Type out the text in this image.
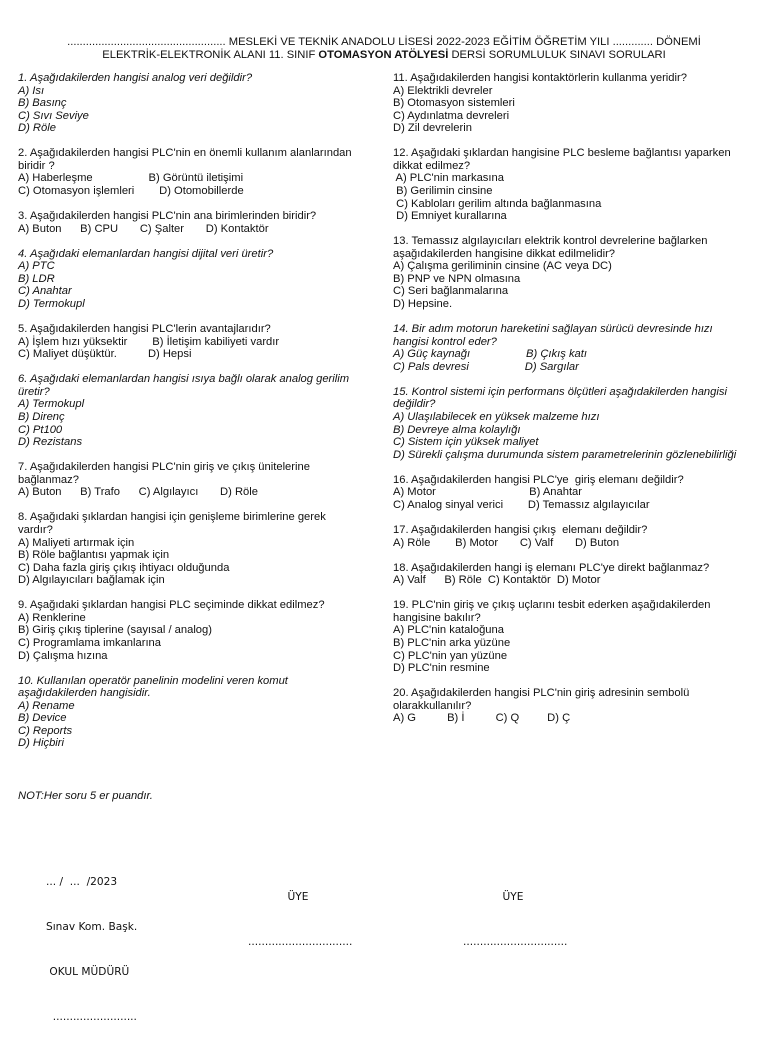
................................................... MESLEKİ VE TEKNİK ANADOLU LİSESİ 2022-2023 EĞİTİM ÖĞRETİM YILI ............. DÖNEMİ
ELEKTRİK-ELEKTRONİK ALANI 11. SINIF OTOMASYON ATÖLYESİ DERSİ SORUMLULUK SINAVI SORULARI
1. Aşağıdakilerden hangisi analog veri değildir?
A) Isı
B) Basınç
C) Sıvı Seviye
D) Röle
2. Aşağıdakilerden hangisi PLC'nin en önemli kullanım alanlarından
biridir ?
A) Haberleşme                  B) Görüntü iletişimi
C) Otomasyon işlemleri        D) Otomobillerde
3. Aşağıdakilerden hangisi PLC'nin ana birimlerinden biridir?
A) Buton      B) CPU       C) Şalter       D) Kontaktör
4. Aşağıdaki elemanlardan hangisi dijital veri üretir?
A) PTC
B) LDR
C) Anahtar
D) Termokupl
5. Aşağıdakilerden hangisi PLC'lerin avantajlarıdır?
A) İşlem hızı yüksektir        B) İletişim kabiliyeti vardır
C) Maliyet düşüktür.          D) Hepsi
6. Aşağıdaki elemanlardan hangisi ısıya bağlı olarak analog gerilim
üretir?
A) Termokupl
B) Direnç
C) Pt100
D) Rezistans
7. Aşağıdakilerden hangisi PLC'nin giriş ve çıkış ünitelerine
bağlanmaz?
A) Buton      B) Trafo      C) Algılayıcı       D) Röle
8. Aşağıdaki şıklardan hangisi için genişleme birimlerine gerek
vardır?
A) Maliyeti artırmak için
B) Röle bağlantısı yapmak için
C) Daha fazla giriş çıkış ihtiyacı olduğunda
D) Algılayıcıları bağlamak için
9. Aşağıdaki şıklardan hangisi PLC seçiminde dikkat edilmez?
A) Renklerine
B) Giriş çıkış tiplerine (sayısal / analog)
C) Programlama imkanlarına
D) Çalışma hızına
10. Kullanılan operatör panelinin modelini veren komut
aşağıdakilerden hangisidir.
A) Rename
B) Device
C) Reports
D) Hiçbiri
11. Aşağıdakilerden hangisi kontaktörlerin kullanma yeridir?
A) Elektrikli devreler
B) Otomasyon sistemleri
C) Aydınlatma devreleri
D) Zil devrelerin
12. Aşağıdaki şıklardan hangisine PLC besleme bağlantısı yaparken
dikkat edilmez?
A) PLC'nin markasına
B) Gerilimin cinsine
C) Kabloları gerilim altında bağlanmasına
D) Emniyet kurallarına
13. Temassız algılayıcıları elektrik kontrol devrelerine bağlarken
aşağıdakilerden hangisine dikkat edilmelidir?
A) Çalışma geriliminin cinsine (AC veya DC)
B) PNP ve NPN olmasına
C) Seri bağlanmalarına
D) Hepsine.
14. Bir adım motorun hareketini sağlayan sürücü devresinde hızı
hangisi kontrol eder?
A) Güç kaynağı                  B) Çıkış katı
C) Pals devresi                  D) Sargılar
15. Kontrol sistemi için performans ölçütleri aşağıdakilerden hangisi
değildir?
A) Ulaşılabilecek en yüksek malzeme hızı
B) Devreye alma kolaylığı
C) Sistem için yüksek maliyet
D) Sürekli çalışma durumunda sistem parametrelerinin gözlenebilirliği
16. Aşağıdakilerden hangisi PLC'ye  giriş elemanı değildir?
A) Motor                              B) Anahtar
C) Analog sinyal verici        D) Temassız algılayıcılar
17. Aşağıdakilerden hangisi çıkış  elemanı değildir?
A) Röle        B) Motor       C) Valf       D) Buton
18. Aşağıdakilerden hangi iş elemanı PLC'ye direkt bağlanmaz?
A) Valf      B) Röle  C) Kontaktör  D) Motor
19. PLC'nin giriş ve çıkış uçlarını tesbit ederken aşağıdakilerden
hangisine bakılır?
A) PLC'nin kataloğuna
B) PLC'nin arka yüzüne
C) PLC'nin yan yüzüne
D) PLC'nin resmine
20. Aşağıdakilerden hangisi PLC'nin giriş adresinin sembolü
olarakkullanılır?
A) G          B) İ          C) Q         D) Ç
NOT:Her soru 5 er puandır.

... /  ...  /2023

Sınav Kom. Başk.

OKUL MÜDÜRÜ

.........................

ÜYE

...............................

ÜYE

...............................
